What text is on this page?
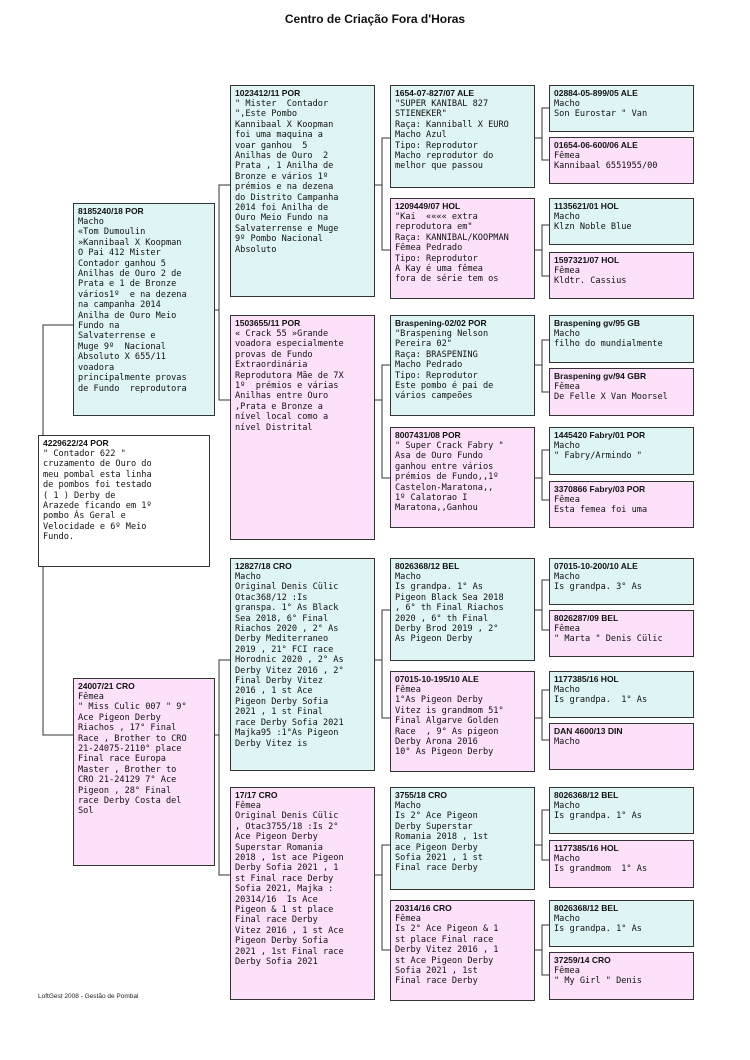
Centro de Criação Fora d'Horas
4229622/24 POR
" Contador 622 "
cruzamento de Ouro do
meu pombal esta linha
de pombos foi testado
( 1 ) Derby de
Arazede ficando em 1º
pombo Ás Geral e
Velocidade e 6º Meio
Fundo.
8185240/18 POR
Macho
«Tom Dumoulin
»Kannibaal X Koopman
O Pai 412 Mister
Contador ganhou 5
Anilhas de Ouro 2 de
Prata e 1 de Bronze
vários1º  e na dezena
na campanha 2014
Anilha de Ouro Meio
Fundo na
Salvaterrense e
Muge 9º  Nacional
Absoluto X 655/11
voadora
principalmente provas
de Fundo  reprodutora
24007/21 CRO
Fêmea
" Miss Culic 007 " 9°
Ace Pigeon Derby
Riachos , 17° Final
Race , Brother to CRO
21-24075-2110° place
Final race Europa
Master , Brother to
CRO 21-24129 7° Ace
Pigeon , 28° Final
race Derby Costa del
Sol
1023412/11 POR
" Mister  Contador
",Este Pombo
Kannibaal X Koopman
foi uma maquina a
voar ganhou  5
Anilhas de Ouro  2
Prata , 1 Anilha de
Bronze e vários 1º
prémios e na dezena
do Distrito Campanha
2014 foi Anilha de
Ouro Meio Fundo na
Salvaterrense e Muge
9º Pombo Nacional
Absoluto
1503655/11 POR
« Crack 55 »Grande
voadora especialmente
provas de Fundo
Extraordinária
Reprodutora Mãe de 7X
1º  prémios e várias
Anilhas entre Ouro
,Prata e Bronze a
nível local como a
nível Distrital
12827/18 CRO
Macho
Original Denis Cülic
Otac368/12 :Is
granspa. 1° As Black
Sea 2018, 6° Final
Riachos 2020 , 2° As
Derby Mediterraneo
2019 , 21° FCI race
Horodnic 2020 , 2° As
Derby Vitez 2016 , 2°
Final Derby Vitez
2016 , 1 st Ace
Pigeon Derby Sofia
2021 , 1 st Final
race Derby Sofia 2021
Majka95 :1°As Pigeon
Derby Vitez is
17/17 CRO
Fêmea
Original Denis Cülic
, Otac3755/18 :Is 2°
Ace Pigeon Derby
Superstar Romania
2018 , 1st ace Pigeon
Derby Sofia 2021 , 1
st Final race Derby
Sofia 2021, Majka :
20314/16  Is Ace
Pigeon & 1 st place
Final race Derby
Vitez 2016 , 1 st Ace
Pigeon Derby Sofia
2021 , 1st Final race
Derby Sofia 2021
1654-07-827/07 ALE
"SUPER KANIBAL 827
STIENEKER"
Raça: Kanniball X EURO
Macho Azul
Tipo: Reprodutor
Macho reprodutor do
melhor que passou
1209449/07 HOL
"Kai  «««« extra
reprodutora em"
Raça: KANNIBAL/KOOPMAN
Fêmea Pedrado
Tipo: Reprodutor
A Kay é uma fêmea
fora de série tem os
Braspening-02/02 POR
"Braspening Nelson
Pereira 02"
Raça: BRASPENING
Macho Pedrado
Tipo: Reprodutor
Este pombo é pai de
vários campeões
8007431/08 POR
" Super Crack Fabry "
Asa de Ouro Fundo
ganhou entre vários
prémios de Fundo,,1º
Castelon-Maratona,,
1º Calatorao I
Maratona,,Ganhou
8026368/12 BEL
Macho
Is grandpa. 1° As
Pigeon Black Sea 2018
, 6° th Final Riachos
2020 , 6° th Final
Derby Brod 2019 , 2°
As Pigeon Derby
07015-10-195/10 ALE
Fêmea
1°As Pigeon Derby
Vitez is grandmom 51°
Final Algarve Golden
Race  , 9° As pigeon
Derby Arona 2016
10° As Pigeon Derby
3755/18 CRO
Macho
Is 2° Ace Pigeon
Derby Superstar
Romania 2018 , 1st
ace Pigeon Derby
Sofia 2021 , 1 st
Final race Derby
20314/16 CRO
Fêmea
Is 2° Ace Pigeon & 1
st place Final race
Derby Vitez 2016 , 1
st Ace Pigeon Derby
Sofia 2021 , 1st
Final race Derby
02884-05-899/05 ALE
Macho
Son Eurostar " Van
01654-06-600/06 ALE
Fêmea
Kannibaal 6551955/00
1135621/01 HOL
Macho
Klzn Noble Blue
1597321/07 HOL
Fêmea
Kldtr. Cassius
Braspening gv/95 GB
Macho
filho do mundialmente
Braspening gv/94 GBR
Fêmea
De Felle X Van Moorsel
1445420 Fabry/01 POR
Macho
" Fabry/Armindo "
3370866 Fabry/03 POR
Fêmea
Esta femea foi uma
07015-10-200/10 ALE
Macho
Is grandpa. 3° As
8026287/09 BEL
Fêmea
" Marta " Denis Cülic
1177385/16 HOL
Macho
Is grandpa.  1° As
DAN 4600/13 DIN
Macho
8026368/12 BEL
Macho
Is grandpa. 1° As
1177385/16 HOL
Macho
Is grandmom  1° As
8026368/12 BEL
Macho
Is grandpa. 1° As
37259/14 CRO
Fêmea
" My Girl " Denis
LoftGest 2008 - Gestão de Pombal
